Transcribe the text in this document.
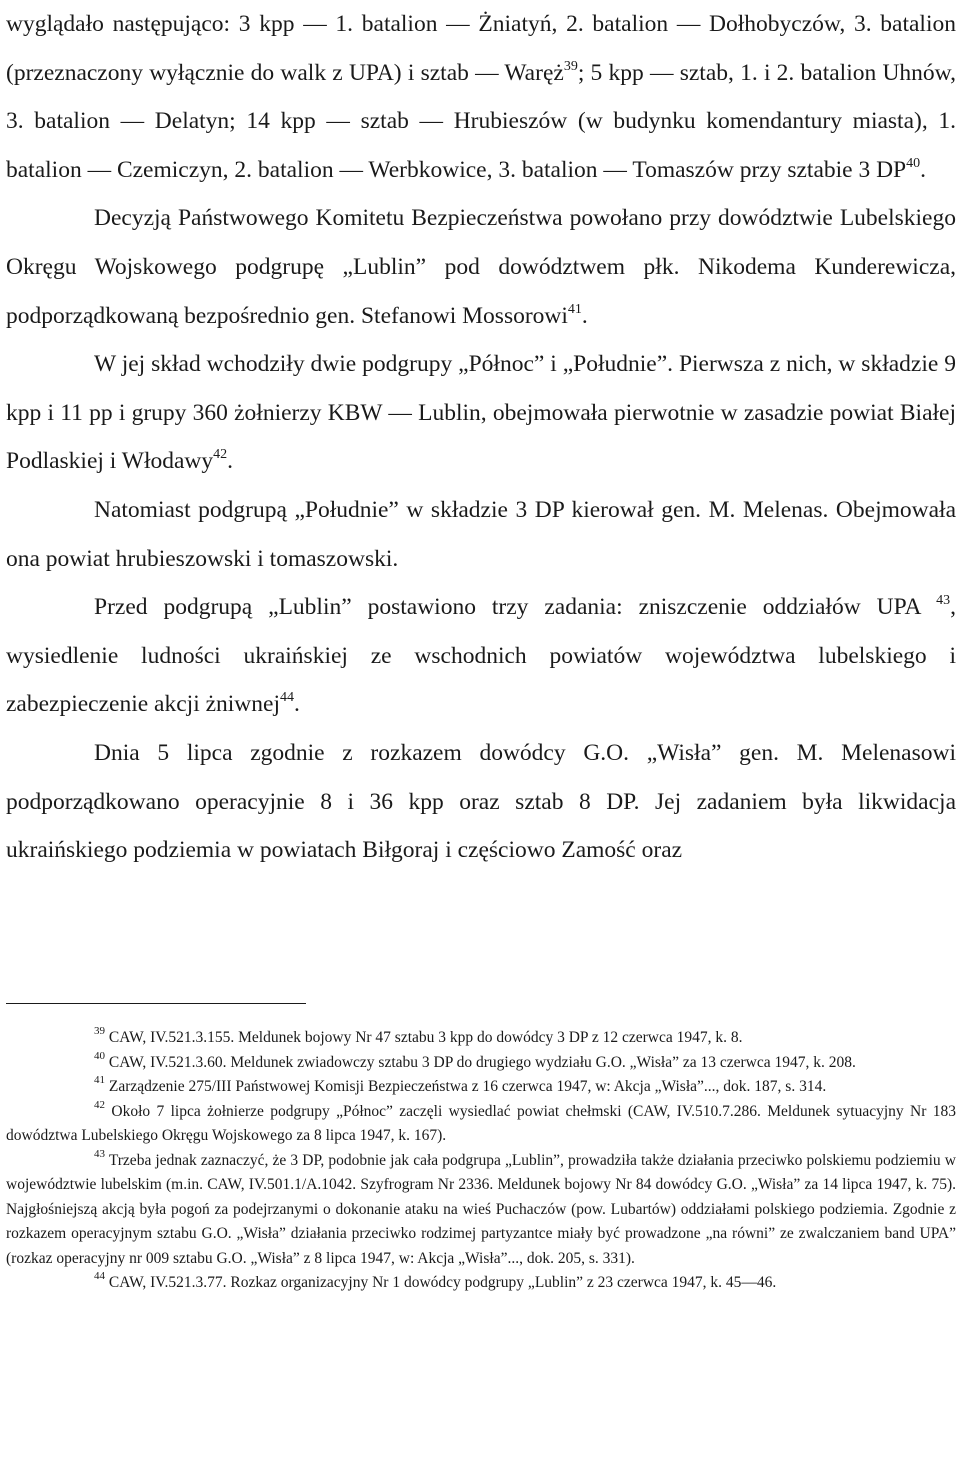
wyglądało następująco: 3 kpp — 1. batalion — Żniatyń, 2. batalion — Dołhobyczów, 3. batalion (przeznaczony wyłącznie do walk z UPA) i sztab — Waręż$^{39}$; 5 kpp — sztab, 1. i 2. batalion Uhnów, 3. batalion — Delatyn; 14 kpp — sztab — Hrubieszów (w budynku komendantury miasta), 1. batalion — Czemiczyn, 2. batalion — Werbkowice, 3. batalion — Tomaszów przy sztabie 3 DP$^{40}$.

Decyzją Państwowego Komitetu Bezpieczeństwa powołano przy dowództwie Lubelskiego Okręgu Wojskowego podgrupę „Lublin” pod dowództwem płk. Nikodema Kunderewicza, podporządkowaną bezpośrednio gen. Stefanowi Mossorowi$^{41}$.

W jej skład wchodziły dwie podgrupy „Północ” i „Południe”. Pierwsza z nich, w składzie 9 kpp i 11 pp i grupy 360 żołnierzy KBW — Lublin, obejmowała pierwotnie w zasadzie powiat Białej Podlaskiej i Włodawy$^{42}$.

Natomiast podgrupą „Południe” w składzie 3 DP kierował gen. M. Melenas. Obejmowała ona powiat hrubieszowski i tomaszowski.

Przed podgrupą „Lublin” postawiono trzy zadania: zniszczenie oddziałów UPA $^{43}$, wysiedlenie ludności ukraińskiej ze wschodnich powiatów województwa lubelskiego i zabezpieczenie akcji żniwnej$^{44}$.

Dnia 5 lipca zgodnie z rozkazem dowódcy G.O. „Wisła” gen. M. Melenasowi podporządkowano operacyjnie 8 i 36 kpp oraz sztab 8 DP. Jej zadaniem była likwidacja ukraińskiego podziemia w powiatach Biłgoraj i częściowo Zamość oraz

$^{39}$ CAW, IV.521.3.155. Meldunek bojowy Nr 47 sztabu 3 kpp do dowódcy 3 DP z 12 czerwca 1947, k. 8.

$^{40}$ CAW, IV.521.3.60. Meldunek zwiadowczy sztabu 3 DP do drugiego wydziału G.O. „Wisła” za 13 czerwca 1947, k. 208.

$^{41}$ Zarządzenie 275/III Państwowej Komisji Bezpieczeństwa z 16 czerwca 1947, w: Akcja „Wisła”..., dok. 187, s. 314.

$^{42}$ Około 7 lipca żołnierze podgrupy „Północ” zaczęli wysiedlać powiat chełmski (CAW, IV.510.7.286. Meldunek sytuacyjny Nr 183 dowództwa Lubelskiego Okręgu Wojskowego za 8 lipca 1947, k. 167).

$^{43}$ Trzeba jednak zaznaczyć, że 3 DP, podobnie jak cała podgrupa „Lublin”, prowadziła także działania przeciwko polskiemu podziemiu w województwie lubelskim (m.in. CAW, IV.501.1/A.1042. Szyfrogram Nr 2336. Meldunek bojowy Nr 84 dowódcy G.O. „Wisła” za 14 lipca 1947, k. 75). Najgłośniejszą akcją była pogoń za podejrzanymi o dokonanie ataku na wieś Puchaczów (pow. Lubartów) oddziałami polskiego podziemia. Zgodnie z rozkazem operacyjnym sztabu G.O. „Wisła” działania przeciwko rodzimej partyzantce miały być prowadzone „na równi” ze zwalczaniem band UPA” (rozkaz operacyjny nr 009 sztabu G.O. „Wisła” z 8 lipca 1947, w: Akcja „Wisła”..., dok. 205, s. 331).

$^{44}$ CAW, IV.521.3.77. Rozkaz organizacyjny Nr 1 dowódcy podgrupy „Lublin” z 23 czerwca 1947, k. 45—46.
